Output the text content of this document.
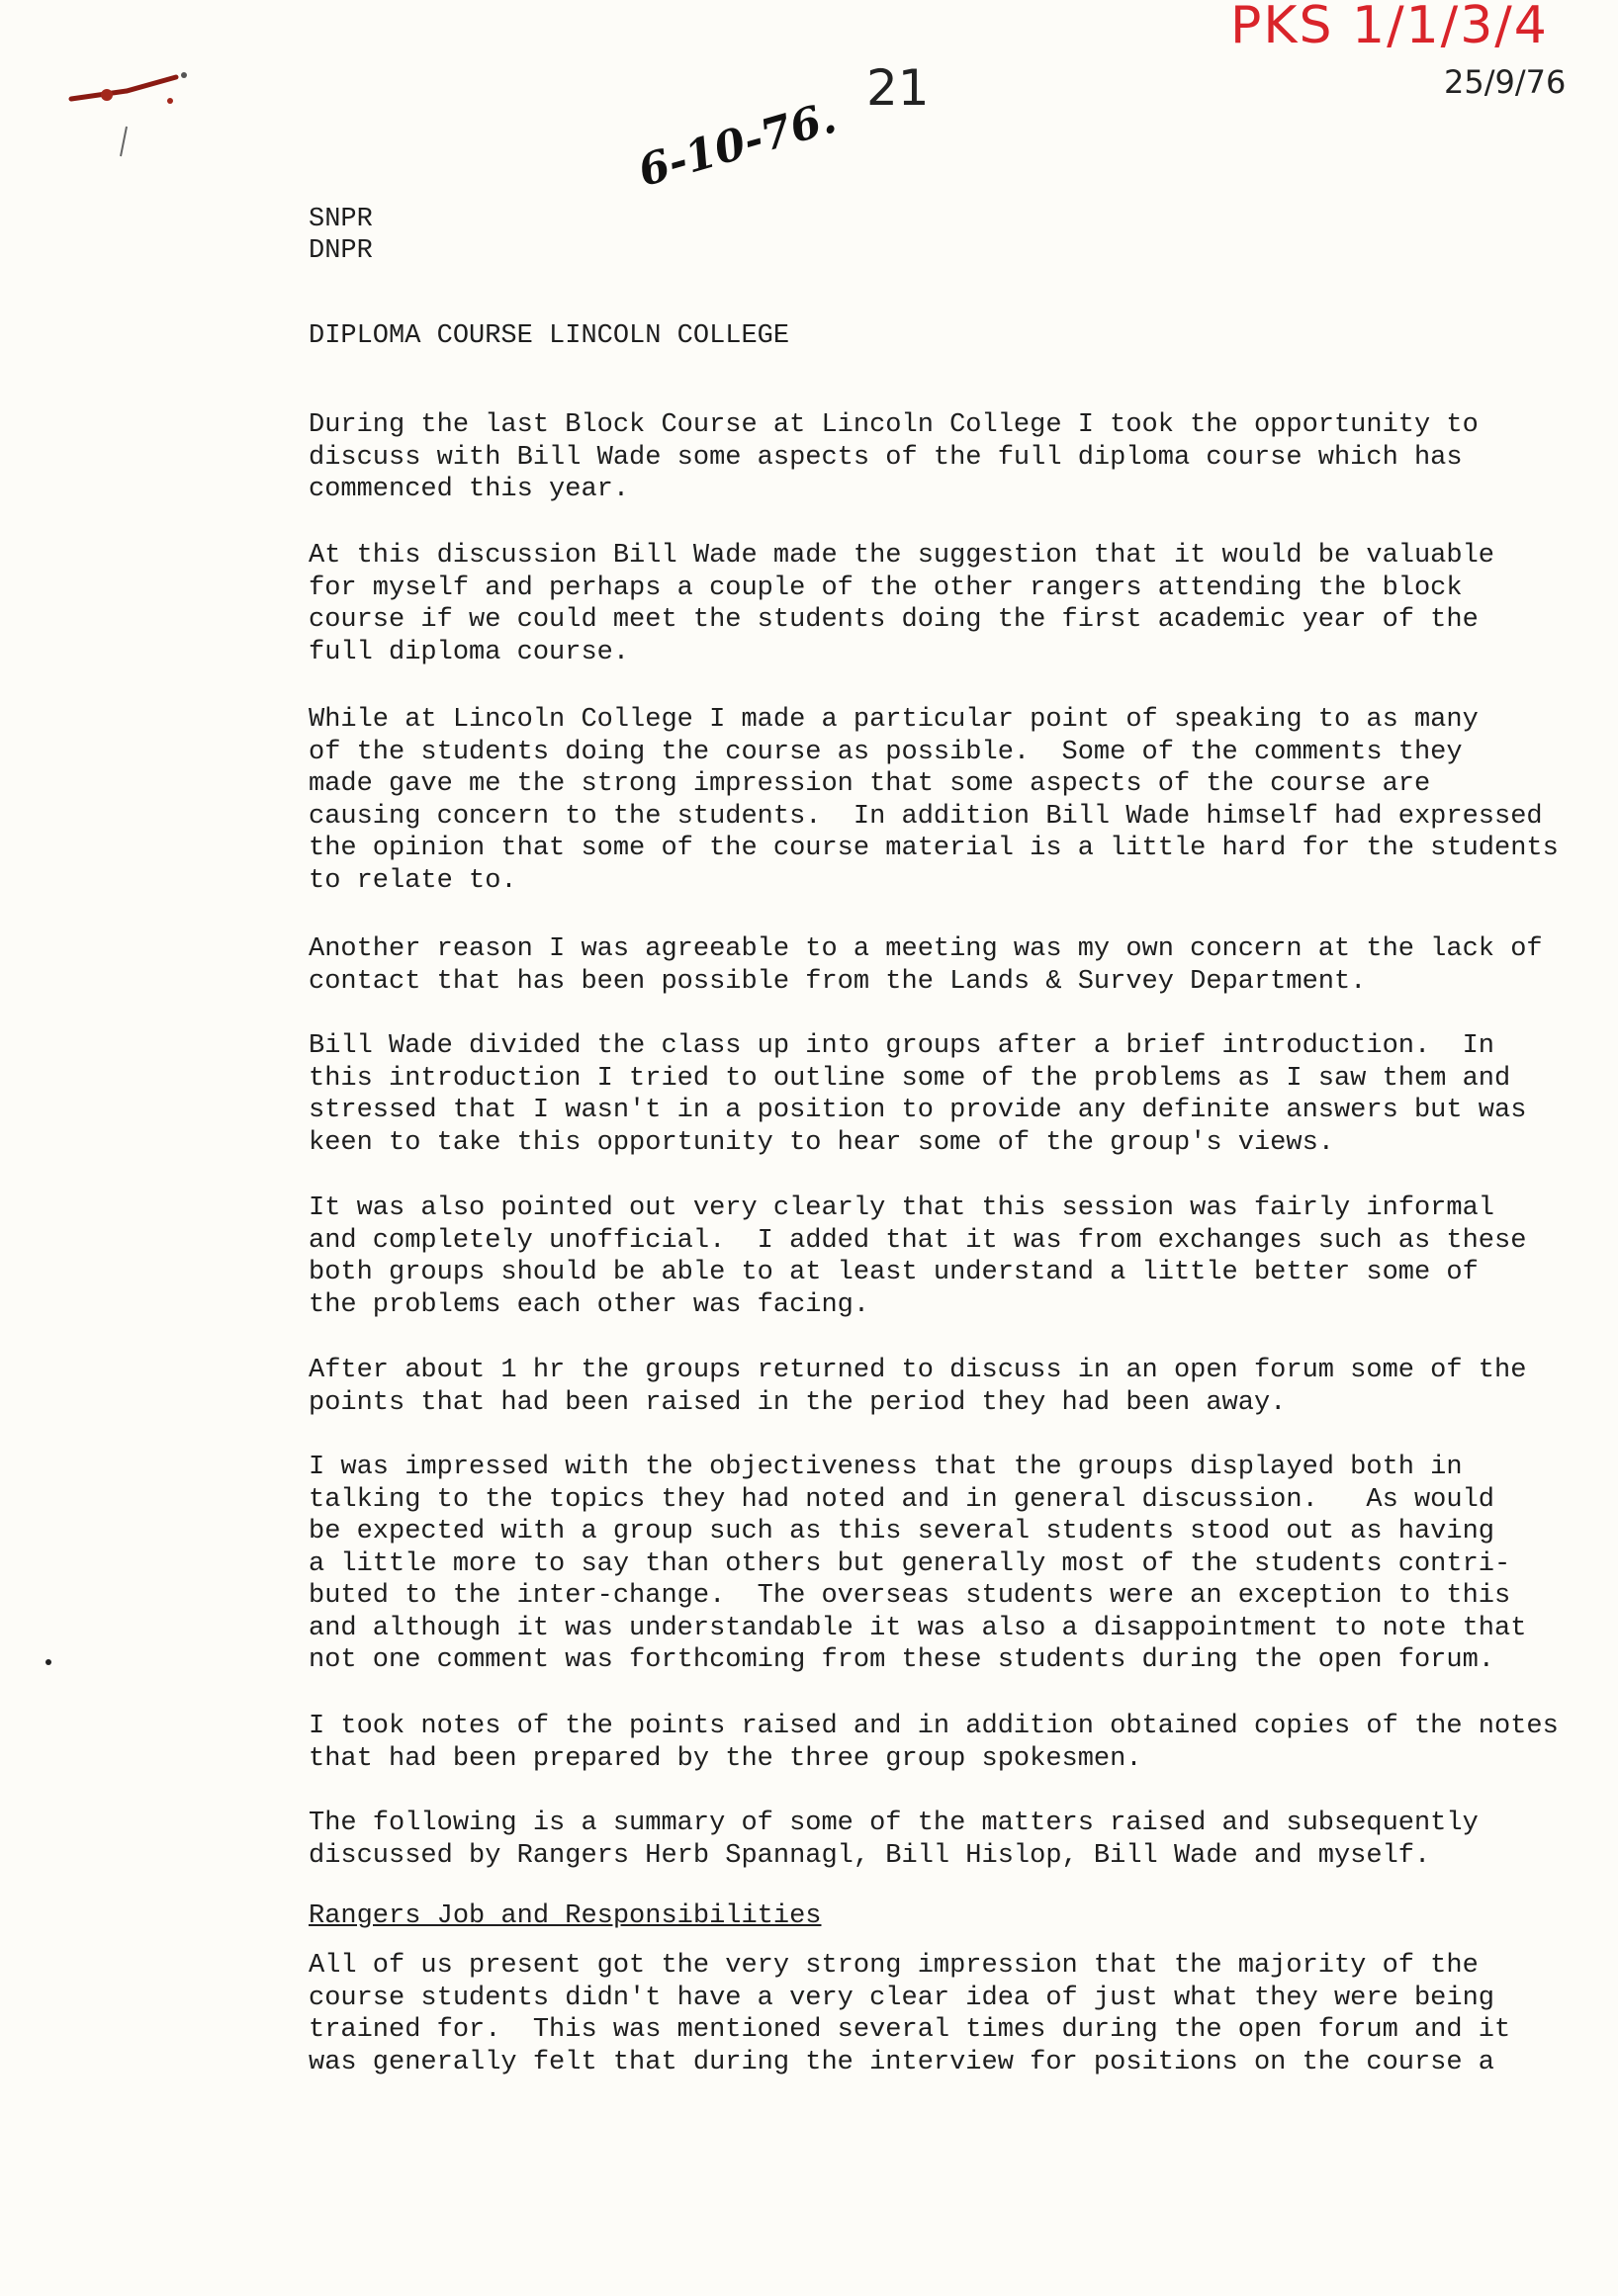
PKS 1/1/3/4
25/9/76
21
6-10-76.
SNPR
DNPR
DIPLOMA COURSE LINCOLN COLLEGE
During the last Block Course at Lincoln College I took the opportunity to
discuss with Bill Wade some aspects of the full diploma course which has
commenced this year.
At this discussion Bill Wade made the suggestion that it would be valuable
for myself and perhaps a couple of the other rangers attending the block
course if we could meet the students doing the first academic year of the
full diploma course.
While at Lincoln College I made a particular point of speaking to as many
of the students doing the course as possible.  Some of the comments they
made gave me the strong impression that some aspects of the course are
causing concern to the students.  In addition Bill Wade himself had expressed
the opinion that some of the course material is a little hard for the students
to relate to.
Another reason I was agreeable to a meeting was my own concern at the lack of
contact that has been possible from the Lands & Survey Department.
Bill Wade divided the class up into groups after a brief introduction.  In
this introduction I tried to outline some of the problems as I saw them and
stressed that I wasn't in a position to provide any definite answers but was
keen to take this opportunity to hear some of the group's views.
It was also pointed out very clearly that this session was fairly informal
and completely unofficial.  I added that it was from exchanges such as these
both groups should be able to at least understand a little better some of
the problems each other was facing.
After about 1 hr the groups returned to discuss in an open forum some of the
points that had been raised in the period they had been away.
I was impressed with the objectiveness that the groups displayed both in
talking to the topics they had noted and in general discussion.   As would
be expected with a group such as this several students stood out as having
a little more to say than others but generally most of the students contri-
buted to the inter-change.  The overseas students were an exception to this
and although it was understandable it was also a disappointment to note that
not one comment was forthcoming from these students during the open forum.
I took notes of the points raised and in addition obtained copies of the notes
that had been prepared by the three group spokesmen.
The following is a summary of some of the matters raised and subsequently
discussed by Rangers Herb Spannagl, Bill Hislop, Bill Wade and myself.
Rangers Job and Responsibilities
All of us present got the very strong impression that the majority of the
course students didn't have a very clear idea of just what they were being
trained for.  This was mentioned several times during the open forum and it
was generally felt that during the interview for positions on the course a
